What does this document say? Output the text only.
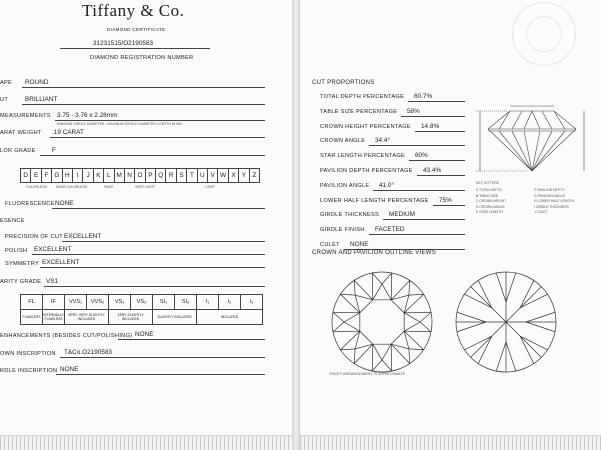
Tiffany & Co.
DIAMOND CERTIFICATE
31231515/O2190583
DIAMOND REGISTRATION NUMBER
APE ROUND
UT	BRILLIANT
MEASUREMENTS 3.75 - 3.76 x 2.28mm
MINIMUM GIRDLE DIAMETER - MAXIMUM GIRDLE DIAMETER x DEPTH IN MM
ARAT WEIGHT .19 CARAT
LOR GRADE	F
D	E	F	G	H	I	J	K	L	M	N	O	P	Q	R	S	T	U	V	W	X	Y	Z
COLORLESS	NEAR COLORLESS	FAINT	VERY LIGHT	LIGHT
FLUORESCENCE NONE
ESENCE
PRECISION OF CUT EXCELLENT
POLISH EXCELLENT
SYMMETRY EXCELLENT
ARITY GRADE VS1
FL	IF	VVS₁	VVS₂	VS₁	VS₂	SI₁	SI₂	I₁	I₂	I₃
FLAWLESS	INTERNALLY FLAWLESS	VERY, VERY SLIGHTLY INCLUDED		VERY SLIGHTLY INCLUDED		SLIGHTLY INCLUDED		INCLUDED		
ENHANCEMENTS (BESIDES CUT/POLISHING) NONE
OWN INSCRIPTION T&Co.O2190583
RDLE INSCRIPTION NONE
CUT PROPORTIONS
TOTAL DEPTH PERCENTAGE 60.7%
TABLE SIZE PERCENTAGE 58%
CROWN HEIGHT PERCENTAGE 14.8%
CROWN ANGLE 34.4°
STAR LENGTH PERCENTAGE 60%
PAVILION DEPTH PERCENTAGE 43.4%
PAVILION ANGLE 41.0°
LOWER HALF LENGTH PERCENTAGE 75%
GIRDLE THICKNESS MEDIUM
GIRDLE FINISH FACETED
CULET NONE
KEY LETTERS
A TOTAL DEPTH
B TABLE SIZE
C CROWN HEIGHT
D CROWN ANGLE
E STAR LENGTH
F PAVILION DEPTH
G PAVILION ANGLE
H LOWER HALF LENGTH
I GIRDLE THICKNESS
J CULET
CROWN AND PAVILION OUTLINE VIEWS
FACET ARRANGEMENT IS APPROXIMATE
